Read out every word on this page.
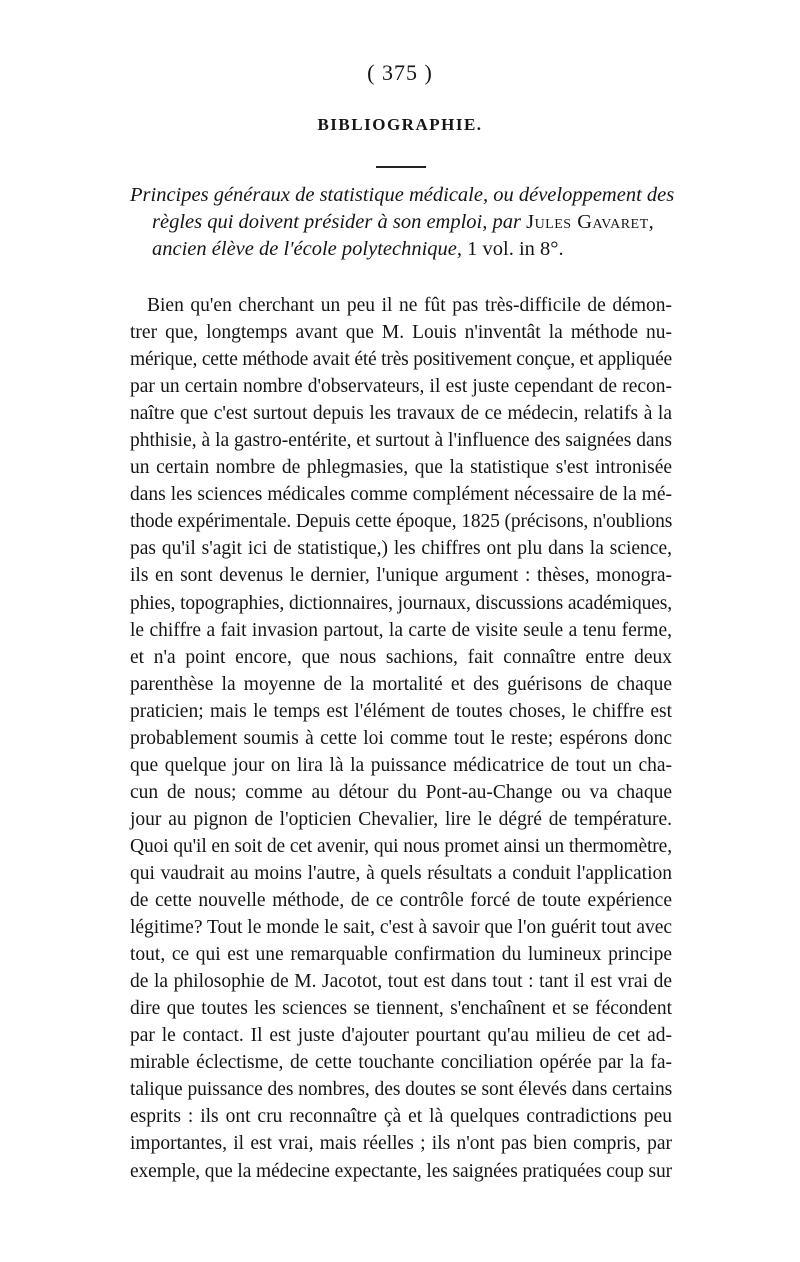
( 375 )
BIBLIOGRAPHIE.
Principes généraux de statistique médicale, ou développement des
règles qui doivent présider à son emploi, par Jules Gavaret,
ancien élève de l'école polytechnique, 1 vol. in 8°.
Bien qu'en cherchant un peu il ne fût pas très-difficile de démon-
trer que, longtemps avant que M. Louis n'inventât la méthode nu-
mérique, cette méthode avait été très positivement conçue, et appliquée
par un certain nombre d'observateurs, il est juste cependant de recon-
naître que c'est surtout depuis les travaux de ce médecin, relatifs à la
phthisie, à la gastro-entérite, et surtout à l'influence des saignées dans
un certain nombre de phlegmasies, que la statistique s'est intronisée
dans les sciences médicales comme complément nécessaire de la mé-
thode expérimentale. Depuis cette époque, 1825 (précisons, n'oublions
pas qu'il s'agit ici de statistique,) les chiffres ont plu dans la science,
ils en sont devenus le dernier, l'unique argument : thèses, monogra-
phies, topographies, dictionnaires, journaux, discussions académiques,
le chiffre a fait invasion partout, la carte de visite seule a tenu ferme,
et n'a point encore, que nous sachions, fait connaître entre deux
parenthèse la moyenne de la mortalité et des guérisons de chaque
praticien; mais le temps est l'élément de toutes choses, le chiffre est
probablement soumis à cette loi comme tout le reste; espérons donc
que quelque jour on lira là la puissance médicatrice de tout un cha-
cun de nous; comme au détour du Pont-au-Change ou va chaque
jour au pignon de l'opticien Chevalier, lire le dégré de température.
Quoi qu'il en soit de cet avenir, qui nous promet ainsi un thermomètre,
qui vaudrait au moins l'autre, à quels résultats a conduit l'application
de cette nouvelle méthode, de ce contrôle forcé de toute expérience
légitime? Tout le monde le sait, c'est à savoir que l'on guérit tout avec
tout, ce qui est une remarquable confirmation du lumineux principe
de la philosophie de M. Jacotot, tout est dans tout : tant il est vrai de
dire que toutes les sciences se tiennent, s'enchaînent et se fécondent
par le contact. Il est juste d'ajouter pourtant qu'au milieu de cet ad-
mirable éclectisme, de cette touchante conciliation opérée par la fa-
talique puissance des nombres, des doutes se sont élevés dans certains
esprits : ils ont cru reconnaître çà et là quelques contradictions peu
importantes, il est vrai, mais réelles ; ils n'ont pas bien compris, par
exemple, que la médecine expectante, les saignées pratiquées coup sur
